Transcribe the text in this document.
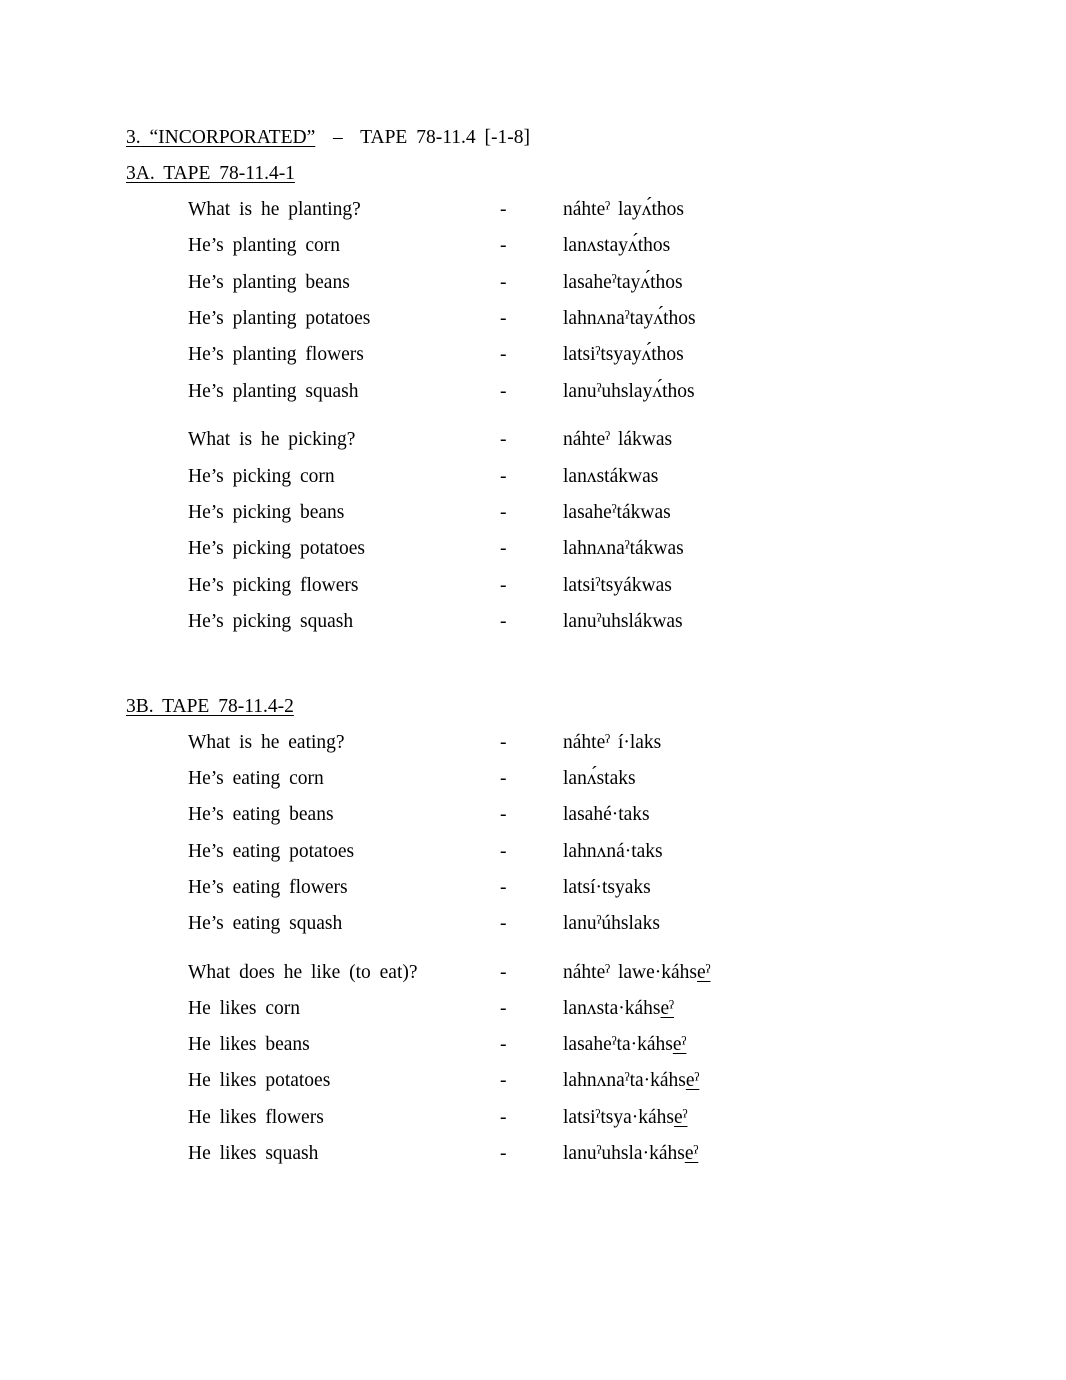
3. “INCORPORATED” – TAPE 78-11.4 [-1-8]
3A. TAPE 78-11.4-1
What is he planting?	-	náhteˀ layʌ́thos
He’s planting corn	-	lanʌstayʌ́thos
He’s planting beans	-	lasaheˀtayʌ́thos
He’s planting potatoes	-	lahnʌnaˀtayʌ́thos
He’s planting flowers	-	latsiˀtsyayʌ́thos
He’s planting squash	-	lanuˀuhslayʌ́thos
What is he picking?	-	náhteˀ lákwas
He’s picking corn	-	lanʌstákwas
He’s picking beans	-	lasaheˀtákwas
He’s picking potatoes	-	lahnʌnaˀtákwas
He’s picking flowers	-	latsiˀtsyákwas
He’s picking squash	-	lanuˀuhslákwas
3B. TAPE 78-11.4-2
What is he eating?	-	náhteˀ í·laks
He’s eating corn	-	lanʌ́staks
He’s eating beans	-	lasahé·taks
He’s eating potatoes	-	lahnʌná·taks
He’s eating flowers	-	latsí·tsyaks
He’s eating squash	-	lanuˀúhslaks
What does he like (to eat)?	-	náhteˀ lawe·káhseˀ
He likes corn	-	lanʌsta·káhseˀ
He likes beans	-	lasaheˀta·káhseˀ
He likes potatoes	-	lahnʌnaˀta·káhseˀ
He likes flowers	-	latsiˀtsya·káhseˀ
He likes squash	-	lanuˀuhsla·káhseˀ
